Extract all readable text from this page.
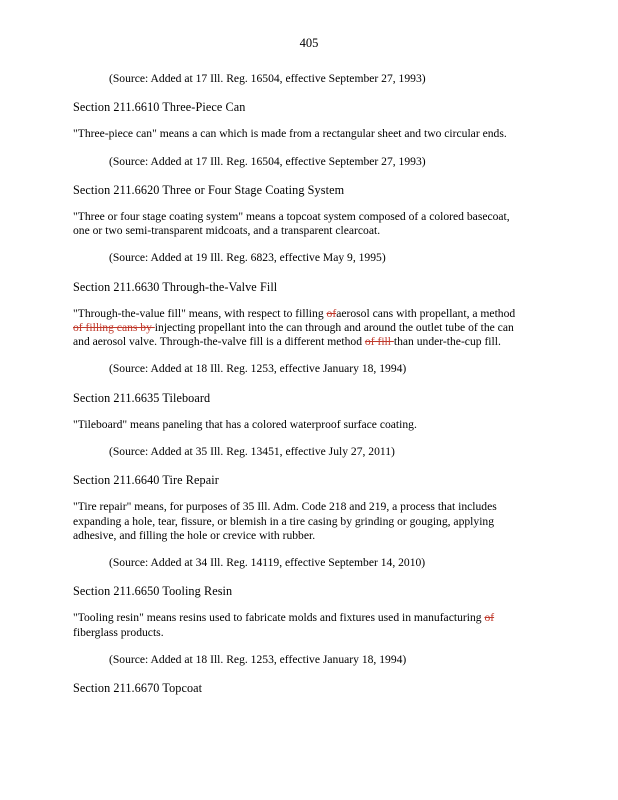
405

(Source: Added at 17 Ill. Reg. 16504, effective September 27, 1993)

Section 211.6610 Three-Piece Can

"Three-piece can" means a can which is made from a rectangular sheet and two circular ends.

(Source: Added at 17 Ill. Reg. 16504, effective September 27, 1993)

Section 211.6620 Three or Four Stage Coating System

"Three or four stage coating system" means a topcoat system composed of a colored basecoat,
one or two semi-transparent midcoats, and a transparent clearcoat.

(Source: Added at 19 Ill. Reg. 6823, effective May 9, 1995)

Section 211.6630 Through-the-Valve Fill

"Through-the-value fill" means, with respect to filling ofaerosol cans with propellant, a method
of filling cans by injecting propellant into the can through and around the outlet tube of the can
and aerosol valve. Through-the-valve fill is a different method of fill than under-the-cup fill.

(Source: Added at 18 Ill. Reg. 1253, effective January 18, 1994)

Section 211.6635 Tileboard

"Tileboard" means paneling that has a colored waterproof surface coating.

(Source: Added at 35 Ill. Reg. 13451, effective July 27, 2011)

Section 211.6640 Tire Repair

"Tire repair" means, for purposes of 35 Ill. Adm. Code 218 and 219, a process that includes
expanding a hole, tear, fissure, or blemish in a tire casing by grinding or gouging, applying
adhesive, and filling the hole or crevice with rubber.

(Source: Added at 34 Ill. Reg. 14119, effective September 14, 2010)

Section 211.6650 Tooling Resin

"Tooling resin" means resins used to fabricate molds and fixtures used in manufacturing of
fiberglass products.

(Source: Added at 18 Ill. Reg. 1253, effective January 18, 1994)

Section 211.6670 Topcoat
